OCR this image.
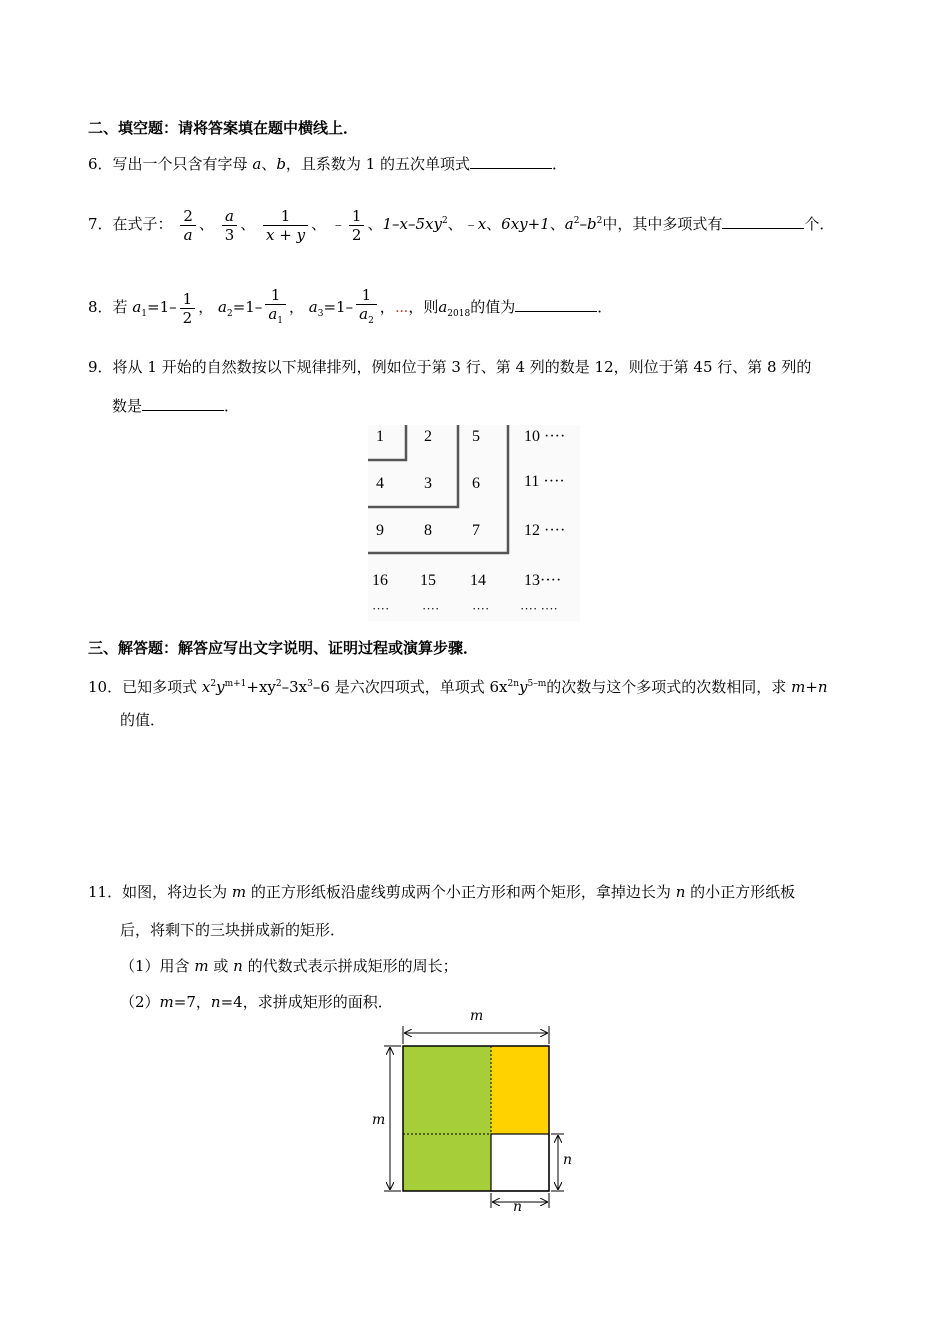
二、填空题：请将答案填在题中横线上．
6．写出一个只含有字母 a、b，且系数为 1 的五次单项式	．
7．在式子： $\frac{2}{a}$ 、 $\frac{a}{3}$ 、 $\frac{1}{x + y}$ 、 ﹣ $\frac{1}{2}$ 、$1-x-5xy^2$、﹣x、6xy+1、$a^2-b^2$中，其中多项式有	个．
8．若 $a_1=1- \frac{1}{2}$ ， $a_2=1- \frac{1}{a_1}$ ， $a_3=1- \frac{1}{a_2}$ ，⋯，则$a_{2018}$的值为	．
9．将从 1 开始的自然数按以下规律排列，例如位于第 3 行、第 4 列的数是 12，则位于第 45 行、第 8 列的
数是	．
1	2	5	10 ····
4	3	6	11 ····
9	8	7	12 ····
16 15 14 13····
····	····	···· ···· ····
三、解答题：解答应写出文字说明、证明过程或演算步骤．
10．已知多项式 $x^2y^{m+1}+xy^2-3x^3-6$ 是六次四项式，单项式 $6x^{2n}y^{5-m}$的次数与这个多项式的次数相同，求 m+n
的值．
11．如图，将边长为 m 的正方形纸板沿虚线剪成两个小正方形和两个矩形，拿掉边长为 n 的小正方形纸板
后，将剩下的三块拼成新的矩形．
（1）用含 m 或 n 的代数式表示拼成矩形的周长；
（2）m=7，n=4，求拼成矩形的面积．
m
m
n
n
